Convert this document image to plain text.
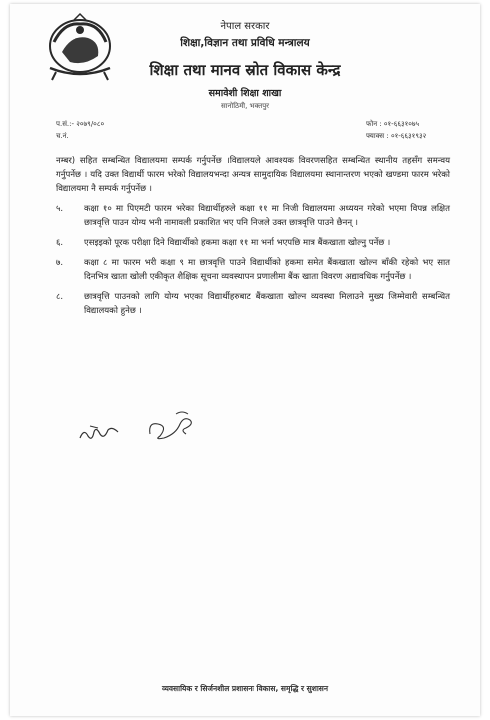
नेपाल सरकार
शिक्षा,विज्ञान तथा प्रविधि मन्त्रालय
शिक्षा तथा मानव स्रोत विकास केन्द्र
समावेशी शिक्षा शाखा
सानोठिमी, भक्तपुर
प.सं.:- २०७९/०८०
च.नं.
फोन : ०१-६६३१०७५
फ्याक्स : ०१-६६३१९३२

नम्बर) सहित सम्बन्धित विद्यालयमा सम्पर्क गर्नुपर्नेछ ।विद्यालयले आवश्यक विवरणसहित सम्बन्धित स्थानीय तहसँग समन्वय गर्नुपर्नेछ । यदि उक्त विद्यार्थी फारम भरेको विद्यालयभन्दा अन्यत्र सामुदायिक विद्यालयमा स्थानान्तरण भएको खण्डमा फारम भरेको विद्यालयमा नै सम्पर्क गर्नुपर्नेछ ।

५.	कक्षा १० मा पिएमटी फारम भरेका विद्यार्थीहरुले कक्षा ११ मा निजी विद्यालयमा अध्ययन गरेको भएमा विपन्न लक्षित छात्रवृत्ति पाउन योग्य भनी नामावली प्रकाशित भए पनि निजले उक्त छात्रवृत्ति पाउने छैनन् ।
६.	एसइइको पूरक परीक्षा दिने विद्यार्थीको हकमा कक्षा ११ मा भर्ना भएपछि मात्र बैंकखाता खोल्नु पर्नेछ ।
७.	कक्षा ८ मा फारम भरी कक्षा ९ मा छात्रवृत्ति पाउने विद्यार्थीको हकमा समेत बैंकखाता खोल्न बाँकी रहेको भए सात दिनभित्र खाता खोली एकीकृत शैक्षिक सूचना व्यवस्थापन प्रणालीमा बैंक खाता विवरण अद्यावधिक गर्नुपर्नेछ ।
८.	छात्रवृत्ति पाउनको लागि योग्य भएका विद्यार्थीहरुबाट बैंकखाता खोल्न व्यवस्था मिलाउने मुख्य जिम्मेवारी सम्बन्धित विद्यालयको हुनेछ ।
व्यवसायिक र सिर्जनशील प्रशासनः विकास, समृद्धि र सुशासन
